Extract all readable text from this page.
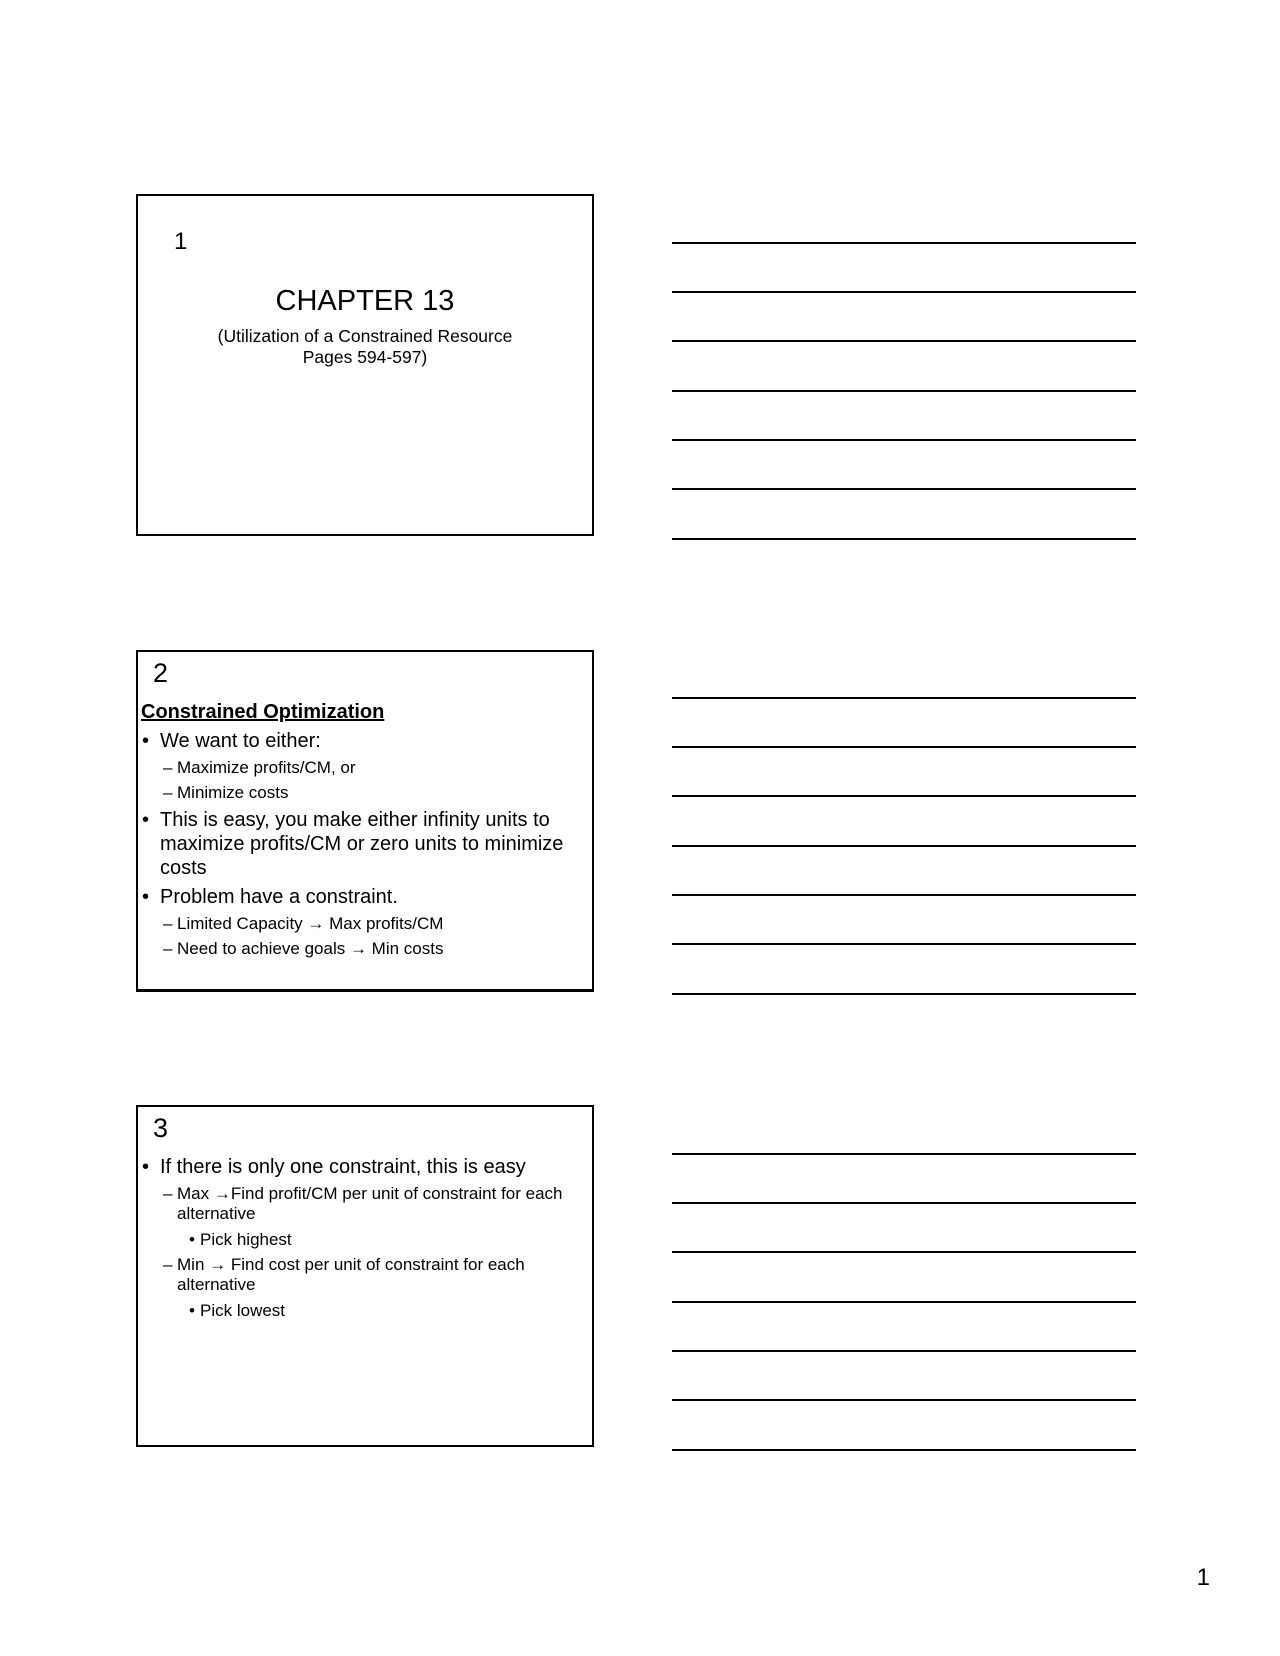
1
CHAPTER 13
(Utilization of a Constrained Resource
Pages 594-597)
2
Constrained Optimization
• We want to either:
– Maximize profits/CM, or
– Minimize costs
• This is easy, you make either infinity units to maximize profits/CM or zero units to minimize costs
• Problem have a constraint.
– Limited Capacity → Max profits/CM
– Need to achieve goals → Min costs
3
• If there is only one constraint, this is easy
– Max →Find profit/CM per unit of constraint for each alternative
• Pick highest
– Min → Find cost per unit of constraint for each alternative
• Pick lowest
1
